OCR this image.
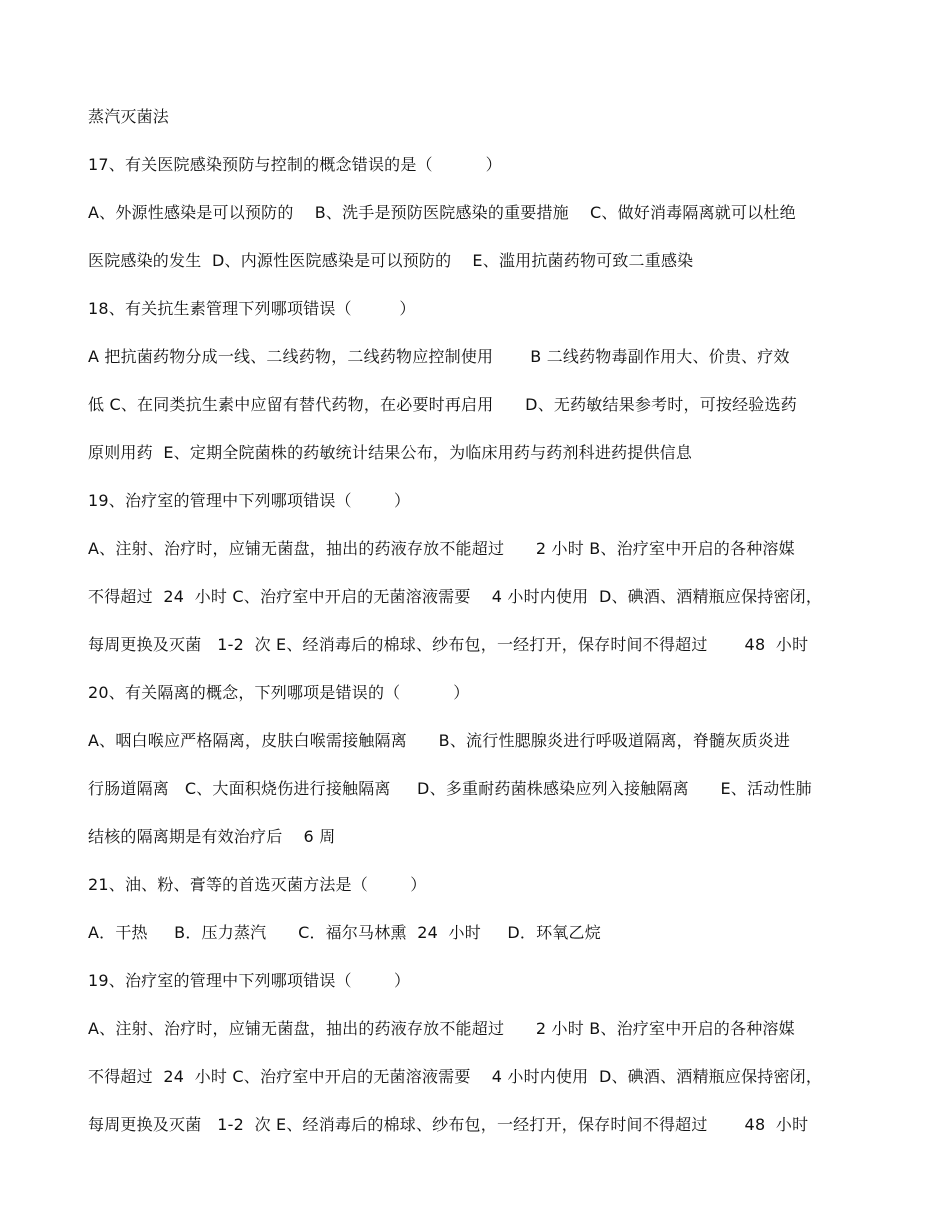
蒸汽灭菌法
17、有关医院感染预防与控制的概念错误的是（          ）
A、外源性感染是可以预防的    B、洗手是预防医院感染的重要措施    C、做好消毒隔离就可以杜绝
医院感染的发生  D、内源性医院感染是可以预防的    E、滥用抗菌药物可致二重感染
18、有关抗生素管理下列哪项错误（         ）
A 把抗菌药物分成一线、二线药物，二线药物应控制使用       B 二线药物毒副作用大、价贵、疗效
低 C、在同类抗生素中应留有替代药物，在必要时再启用      D、无药敏结果参考时，可按经验选药
原则用药  E、定期全院菌株的药敏统计结果公布，为临床用药与药剂科进药提供信息
19、治疗室的管理中下列哪项错误（        ）
A、注射、治疗时，应铺无菌盘，抽出的药液存放不能超过      2 小时 B、治疗室中开启的各种溶媒
不得超过  24  小时 C、治疗室中开启的无菌溶液需要    4 小时内使用  D、碘酒、酒精瓶应保持密闭，
每周更换及灭菌   1-2  次 E、经消毒后的棉球、纱布包，一经打开，保存时间不得超过       48  小时
20、有关隔离的概念，下列哪项是错误的（          ）
A、咽白喉应严格隔离，皮肤白喉需接触隔离      B、流行性腮腺炎进行呼吸道隔离，脊髓灰质炎进
行肠道隔离   C、大面积烧伤进行接触隔离     D、多重耐药菌株感染应列入接触隔离      E、活动性肺
结核的隔离期是有效治疗后    6 周
21、油、粉、膏等的首选灭菌方法是（        ）
A．干热     B．压力蒸汽      C．福尔马林熏  24  小时     D．环氧乙烷
19、治疗室的管理中下列哪项错误（        ）
A、注射、治疗时，应铺无菌盘，抽出的药液存放不能超过      2 小时 B、治疗室中开启的各种溶媒
不得超过  24  小时 C、治疗室中开启的无菌溶液需要    4 小时内使用  D、碘酒、酒精瓶应保持密闭，
每周更换及灭菌   1-2  次 E、经消毒后的棉球、纱布包，一经打开，保存时间不得超过       48  小时
